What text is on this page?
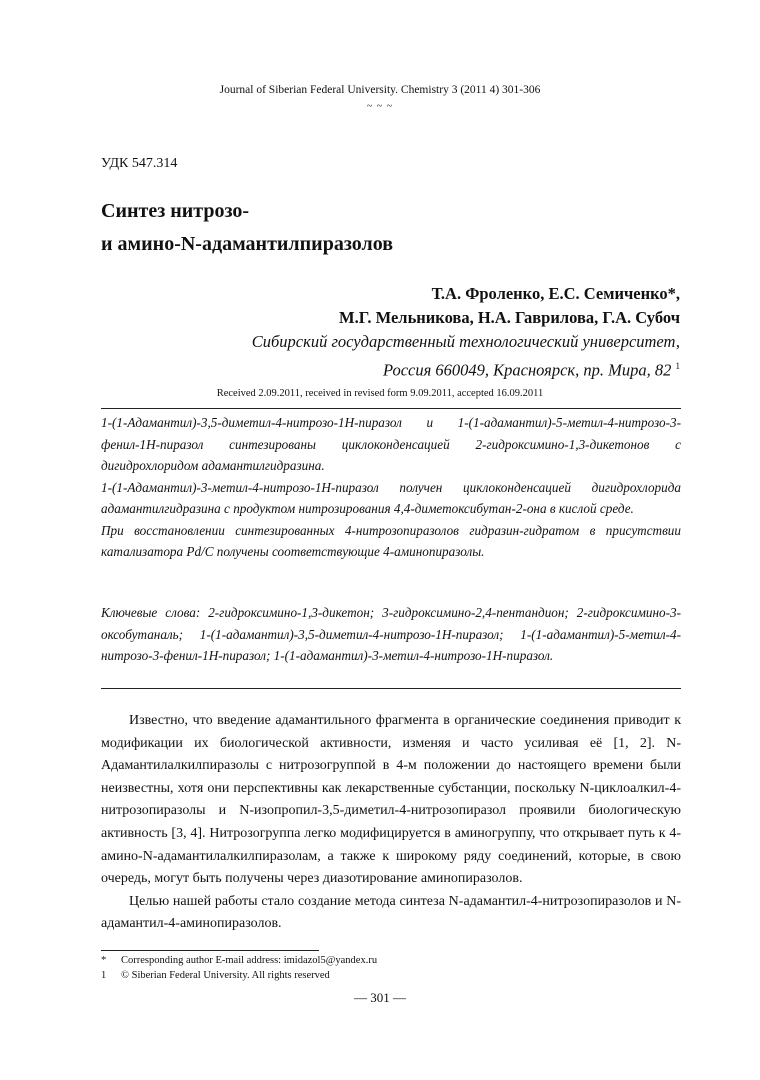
Journal of Siberian Federal University. Chemistry 3 (2011 4) 301-306
~ ~ ~
УДК 547.314
Синтез нитрозо-
и амино-N-адамантилпиразолов
Т.А. Фроленко, Е.С. Семиченко*,
М.Г. Мельникова, Н.А. Гаврилова, Г.А. Субоч
Сибирский государственный технологический университет,
Россия 660049, Красноярск, пр. Мира, 82 $^1$
Received 2.09.2011, received in revised form 9.09.2011, accepted 16.09.2011

1-(1-Адамантил)-3,5-диметил-4-нитрозо-1Н-пиразол и 1-(1-адамантил)-5-метил-4-нитрозо-3-фенил-1Н-пиразол синтезированы циклоконденсацией 2-гидроксимино-1,3-дикетонов с дигидрохлоридом адамантилгидразина.

1-(1-Адамантил)-3-метил-4-нитрозо-1Н-пиразол получен циклоконденсацией дигидрохлорида адамантилгидразина с продуктом нитрозирования 4,4-диметоксибутан-2-она в кислой среде.

При восстановлении синтезированных 4-нитрозопиразолов гидразин-гидратом в присутствии катализатора Pd/C получены соответствующие 4-аминопиразолы.

Ключевые слова: 2-гидроксимино-1,3-дикетон; 3-гидроксимино-2,4-пентандион; 2-гидроксимино-3-оксобутаналь; 1-(1-адамантил)-3,5-диметил-4-нитрозо-1Н-пиразол; 1-(1-адамантил)-5-метил-4-нитрозо-3-фенил-1Н-пиразол; 1-(1-адамантил)-3-метил-4-нитрозо-1Н-пиразол.

Известно, что введение адамантильного фрагмента в органические соединения приводит к модификации их биологической активности, изменяя и часто усиливая её [1, 2]. N-Адамантилалкилпиразолы с нитрозогруппой в 4-м положении до настоящего времени были неизвестны, хотя они перспективны как лекарственные субстанции, поскольку N-циклоалкил-4-нитрозопиразолы и N-изопропил-3,5-диметил-4-нитрозопиразол проявили биологическую активность [3, 4]. Нитрозогруппа легко модифицируется в аминогруппу, что открывает путь к 4-амино-N-адамантилалкилпиразолам, а также к широкому ряду соединений, которые, в свою очередь, могут быть получены через диазотирование аминопиразолов.

Целью нашей работы стало создание метода синтеза N-адамантил-4-нитрозопиразолов и N-адамантил-4-аминопиразолов.

*	Corresponding author E-mail address: imidazol5@yandex.ru
1	© Siberian Federal University. All rights reserved
— 301 —
